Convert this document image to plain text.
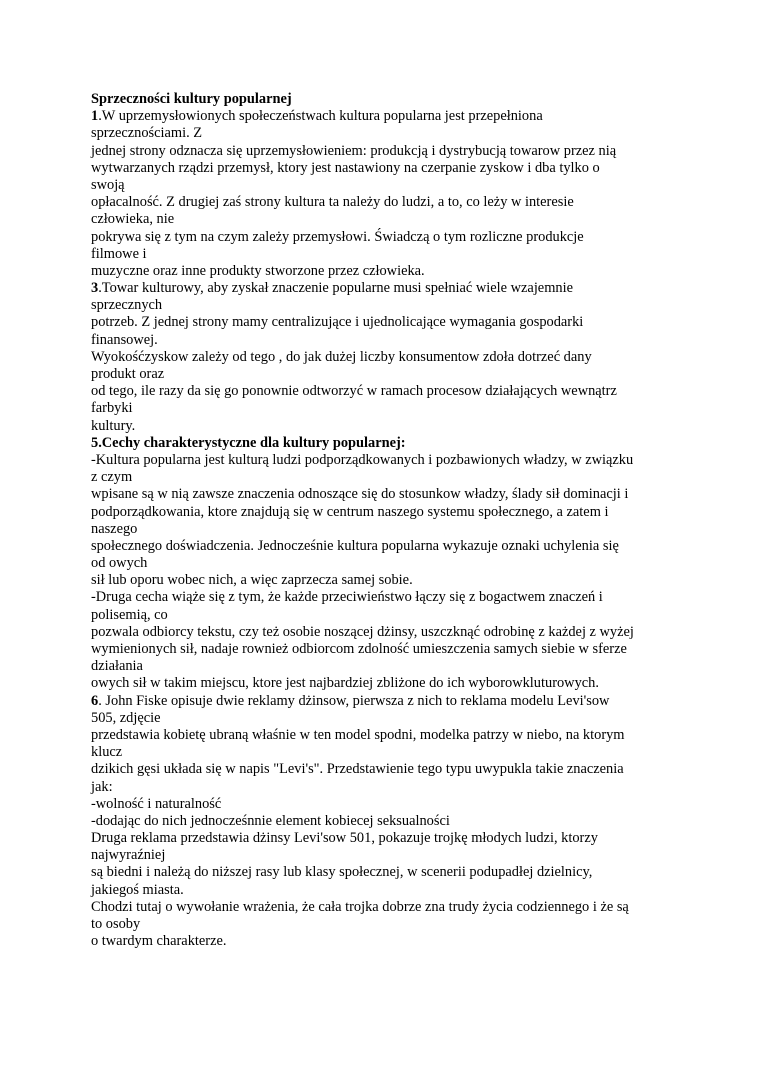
Sprzeczności kultury popularnej
1.W uprzemysłowionych społeczeństwach kultura popularna jest przepełniona
sprzecznościami. Z
jednej strony odznacza się uprzemysłowieniem: produkcją i dystrybucją towarow przez nią
wytwarzanych rządzi przemysł, ktory jest nastawiony na czerpanie zyskow i dba tylko o
swoją
opłacalność. Z drugiej zaś strony kultura ta należy do ludzi, a to, co leży w interesie
człowieka, nie
pokrywa się z tym na czym zależy przemysłowi. Świadczą o tym rozliczne produkcje
filmowe i
muzyczne oraz inne produkty stworzone przez człowieka.
3.Towar kulturowy, aby zyskał znaczenie popularne musi spełniać wiele wzajemnie
sprzecznych
potrzeb. Z jednej strony mamy centralizujące i ujednolicające wymagania gospodarki
finansowej.
Wyokośćzyskow zależy od tego , do jak dużej liczby konsumentow zdoła dotrzeć dany
produkt oraz
od tego, ile razy da się go ponownie odtworzyć w ramach procesow działających wewnątrz
farbyki
kultury.
5.Cechy charakterystyczne dla kultury popularnej:
-Kultura popularna jest kulturą ludzi podporządkowanych i pozbawionych władzy, w związku
z czym
wpisane są w nią zawsze znaczenia odnoszące się do stosunkow władzy, ślady sił dominacji i
podporządkowania, ktore znajdują się w centrum naszego systemu społecznego, a zatem i
naszego
społecznego doświadczenia. Jednocześnie kultura popularna wykazuje oznaki uchylenia się
od owych
sił lub oporu wobec nich, a więc zaprzecza samej sobie.
-Druga cecha wiąże się z tym, że każde przeciwieństwo łączy się z bogactwem znaczeń i
polisemią, co
pozwala odbiorcy tekstu, czy też osobie noszącej dżinsy, uszczknąć odrobinę z każdej z wyżej
wymienionych sił, nadaje rownież odbiorcom zdolność umieszczenia samych siebie w sferze
działania
owych sił w takim miejscu, ktore jest najbardziej zbliżone do ich wyborowkluturowych.
6. John Fiske opisuje dwie reklamy dżinsow, pierwsza z nich to reklama modelu Levi'sow
505, zdjęcie
przedstawia kobietę ubraną właśnie w ten model spodni, modelka patrzy w niebo, na ktorym
klucz
dzikich gęsi układa się w napis "Levi's". Przedstawienie tego typu uwypukla takie znaczenia
jak:
-wolność i naturalność
-dodając do nich jednocześnnie element kobiecej seksualności
Druga reklama przedstawia dżinsy Levi'sow 501, pokazuje trojkę młodych ludzi, ktorzy
najwyraźniej
są biedni i należą do niższej rasy lub klasy społecznej, w scenerii podupadłej dzielnicy,
jakiegoś miasta.
Chodzi tutaj o wywołanie wrażenia, że cała trojka dobrze zna trudy życia codziennego i że są
to osoby
o twardym charakterze.
